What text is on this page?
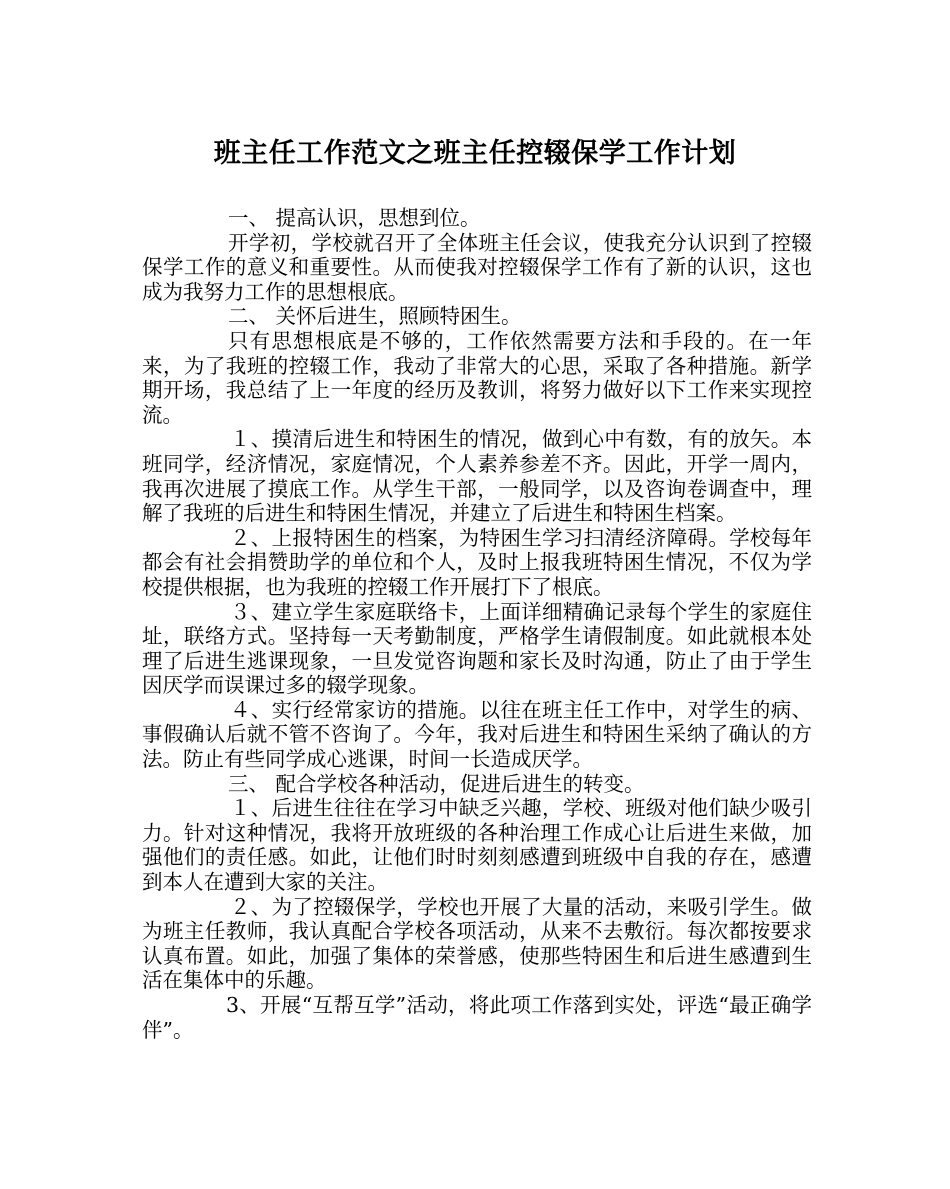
班主任工作范文之班主任控辍保学工作计划

一、 提高认识，思想到位。

开学初，学校就召开了全体班主任会议，使我充分认识到了控辍保学工作的意义和重要性。从而使我对控辍保学工作有了新的认识，这也成为我努力工作的思想根底。

二、 关怀后进生，照顾特困生。

只有思想根底是不够的，工作依然需要方法和手段的。在一年来，为了我班的控辍工作，我动了非常大的心思，采取了各种措施。新学期开场，我总结了上一年度的经历及教训，将努力做好以下工作来实现控流。

１、摸清后进生和特困生的情况，做到心中有数，有的放矢。本班同学，经济情况，家庭情况，个人素养参差不齐。因此，开学一周内，我再次进展了摸底工作。从学生干部，一般同学，以及咨询卷调查中，理解了我班的后进生和特困生情况，并建立了后进生和特困生档案。

２、上报特困生的档案，为特困生学习扫清经济障碍。学校每年都会有社会捐赞助学的单位和个人，及时上报我班特困生情况，不仅为学校提供根据，也为我班的控辍工作开展打下了根底。

３、建立学生家庭联络卡，上面详细精确记录每个学生的家庭住址，联络方式。坚持每一天考勤制度，严格学生请假制度。如此就根本处理了后进生逃课现象，一旦发觉咨询题和家长及时沟通，防止了由于学生因厌学而误课过多的辍学现象。

４、实行经常家访的措施。以往在班主任工作中，对学生的病、事假确认后就不管不咨询了。今年，我对后进生和特困生采纳了确认的方法。防止有些同学成心逃课，时间一长造成厌学。

三、 配合学校各种活动，促进后进生的转变。

１、后进生往往在学习中缺乏兴趣，学校、班级对他们缺少吸引力。针对这种情况，我将开放班级的各种治理工作成心让后进生来做，加强他们的责任感。如此，让他们时时刻刻感遭到班级中自我的存在，感遭到本人在遭到大家的关注。

２、为了控辍保学，学校也开展了大量的活动，来吸引学生。做为班主任教师，我认真配合学校各项活动，从来不去敷衍。每次都按要求认真布置。如此，加强了集体的荣誉感，使那些特困生和后进生感遭到生活在集体中的乐趣。

3、开展“互帮互学”活动，将此项工作落到实处，评选“最正确学伴”。
